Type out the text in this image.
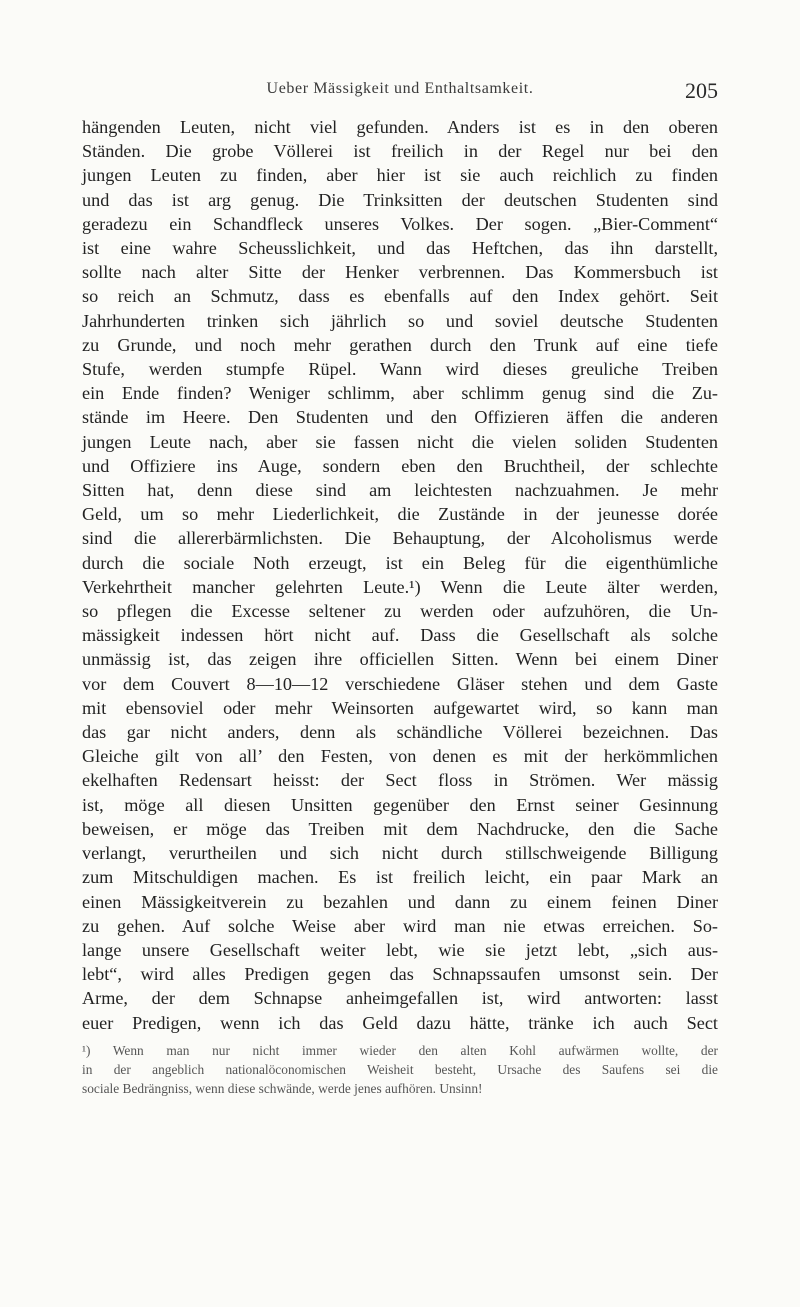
Ueber Mässigkeit und Enthaltsamkeit.	205
hängenden Leuten, nicht viel gefunden. Anders ist es in den oberen
Ständen. Die grobe Völlerei ist freilich in der Regel nur bei den
jungen Leuten zu finden, aber hier ist sie auch reichlich zu finden
und das ist arg genug. Die Trinksitten der deutschen Studenten sind
geradezu ein Schandfleck unseres Volkes. Der sogen. „Bier-Comment“
ist eine wahre Scheusslichkeit, und das Heftchen, das ihn darstellt,
sollte nach alter Sitte der Henker verbrennen. Das Kommersbuch ist
so reich an Schmutz, dass es ebenfalls auf den Index gehört. Seit
Jahrhunderten trinken sich jährlich so und soviel deutsche Studenten
zu Grunde, und noch mehr gerathen durch den Trunk auf eine tiefe
Stufe, werden stumpfe Rüpel. Wann wird dieses greuliche Treiben
ein Ende finden? Weniger schlimm, aber schlimm genug sind die Zu-
stände im Heere. Den Studenten und den Offizieren äffen die anderen
jungen Leute nach, aber sie fassen nicht die vielen soliden Studenten
und Offiziere ins Auge, sondern eben den Bruchtheil, der schlechte
Sitten hat, denn diese sind am leichtesten nachzuahmen. Je mehr
Geld, um so mehr Liederlichkeit, die Zustände in der jeunesse dorée
sind die allererbärmlichsten. Die Behauptung, der Alcoholismus werde
durch die sociale Noth erzeugt, ist ein Beleg für die eigenthümliche
Verkehrtheit mancher gelehrten Leute.¹) Wenn die Leute älter werden,
so pflegen die Excesse seltener zu werden oder aufzuhören, die Un-
mässigkeit indessen hört nicht auf. Dass die Gesellschaft als solche
unmässig ist, das zeigen ihre officiellen Sitten. Wenn bei einem Diner
vor dem Couvert 8—10—12 verschiedene Gläser stehen und dem Gaste
mit ebensoviel oder mehr Weinsorten aufgewartet wird, so kann man
das gar nicht anders, denn als schändliche Völlerei bezeichnen. Das
Gleiche gilt von all’ den Festen, von denen es mit der herkömmlichen
ekelhaften Redensart heisst: der Sect floss in Strömen. Wer mässig
ist, möge all diesen Unsitten gegenüber den Ernst seiner Gesinnung
beweisen, er möge das Treiben mit dem Nachdrucke, den die Sache
verlangt, verurtheilen und sich nicht durch stillschweigende Billigung
zum Mitschuldigen machen. Es ist freilich leicht, ein paar Mark an
einen Mässigkeitverein zu bezahlen und dann zu einem feinen Diner
zu gehen. Auf solche Weise aber wird man nie etwas erreichen. So-
lange unsere Gesellschaft weiter lebt, wie sie jetzt lebt, „sich aus-
lebt“, wird alles Predigen gegen das Schnapssaufen umsonst sein. Der
Arme, der dem Schnapse anheimgefallen ist, wird antworten: lasst
euer Predigen, wenn ich das Geld dazu hätte, tränke ich auch Sect
¹) Wenn man nur nicht immer wieder den alten Kohl aufwärmen wollte, der
in der angeblich nationalöconomischen Weisheit besteht, Ursache des Saufens sei die
sociale Bedrängniss, wenn diese schwände, werde jenes aufhören. Unsinn!
